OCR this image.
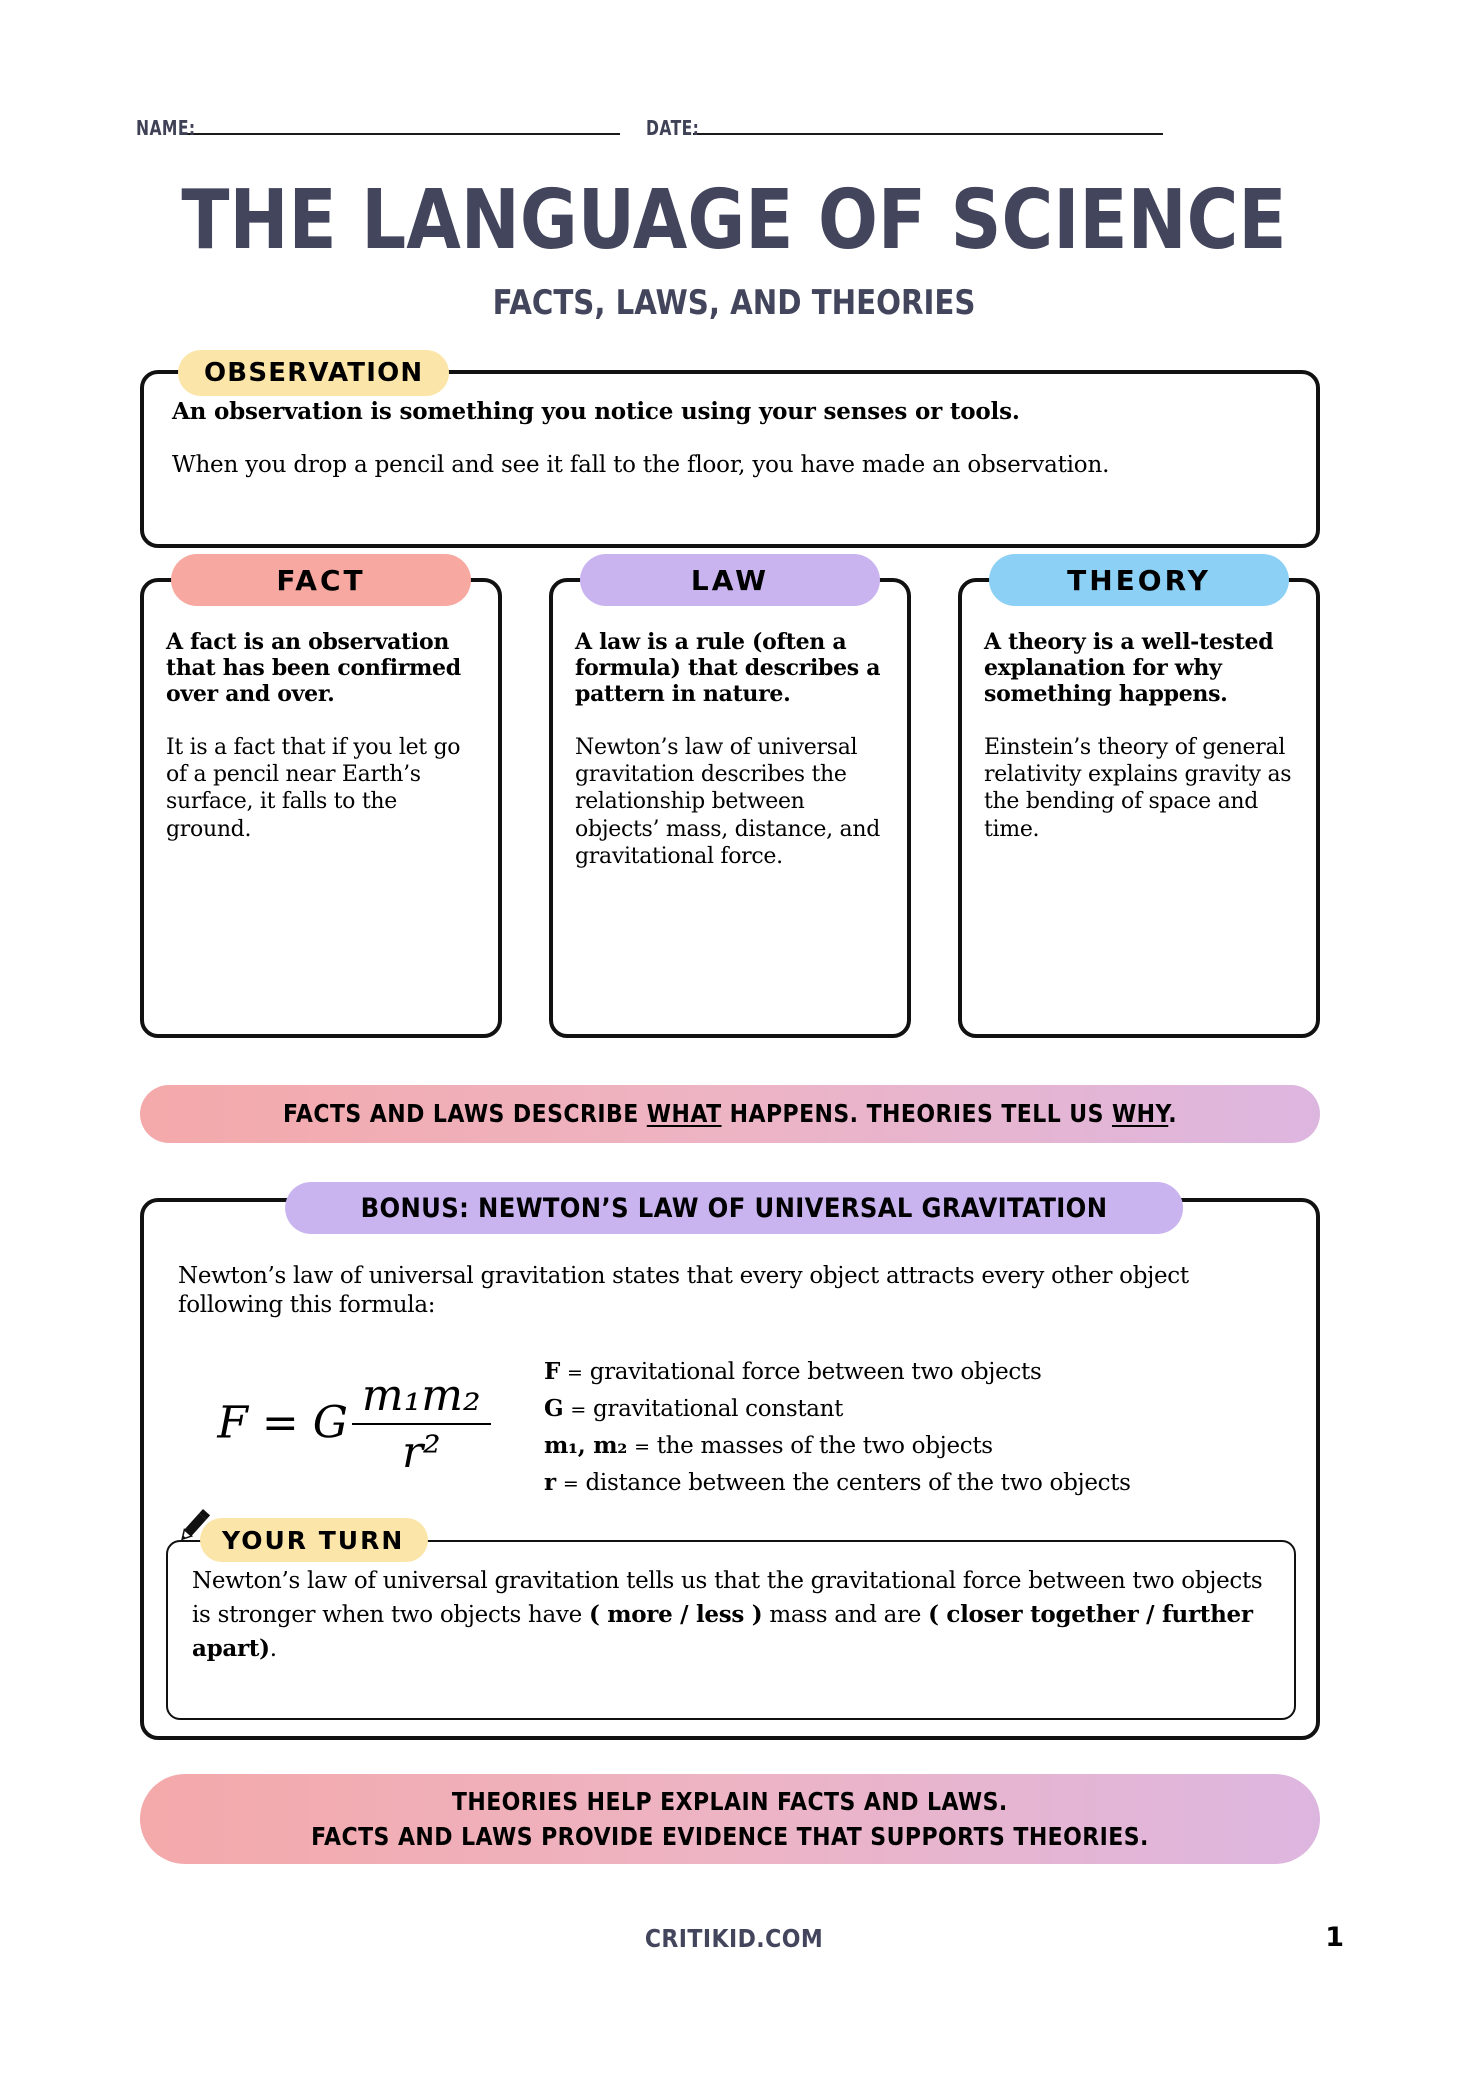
NAME:	DATE:
THE LANGUAGE OF SCIENCE
FACTS, LAWS, AND THEORIES
OBSERVATION
An observation is something you notice using your senses or tools.
When you drop a pencil and see it fall to the floor, you have made an observation.
FACT
A fact is an observation that has been confirmed over and over.
It is a fact that if you let go of a pencil near Earth’s surface, it falls to the ground.
LAW
A law is a rule (often a formula) that describes a pattern in nature.
Newton’s law of universal gravitation describes the relationship between objects’ mass, distance, and gravitational force.
THEORY
A theory is a well-tested explanation for why something happens.
Einstein’s theory of general relativity explains gravity as the bending of space and time.
FACTS AND LAWS DESCRIBE WHAT HAPPENS. THEORIES TELL US WHY.
BONUS: NEWTON’S LAW OF UNIVERSAL GRAVITATION
Newton’s law of universal gravitation states that every object attracts every other object following this formula:
F = G $\frac{\text{m₁m₂}}{\text{r²}}$ F = gravitational force between two objects
G = gravitational constant
m₁, m₂ = the masses of the two objects
r = distance between the centers of the two objects
YOUR TURN
Newton’s law of universal gravitation tells us that the gravitational force between two objects is stronger when two objects have ( more / less ) mass and are ( closer together / further apart).
THEORIES HELP EXPLAIN FACTS AND LAWS.
FACTS AND LAWS PROVIDE EVIDENCE THAT SUPPORTS THEORIES.
CRITIKID.COM	1
